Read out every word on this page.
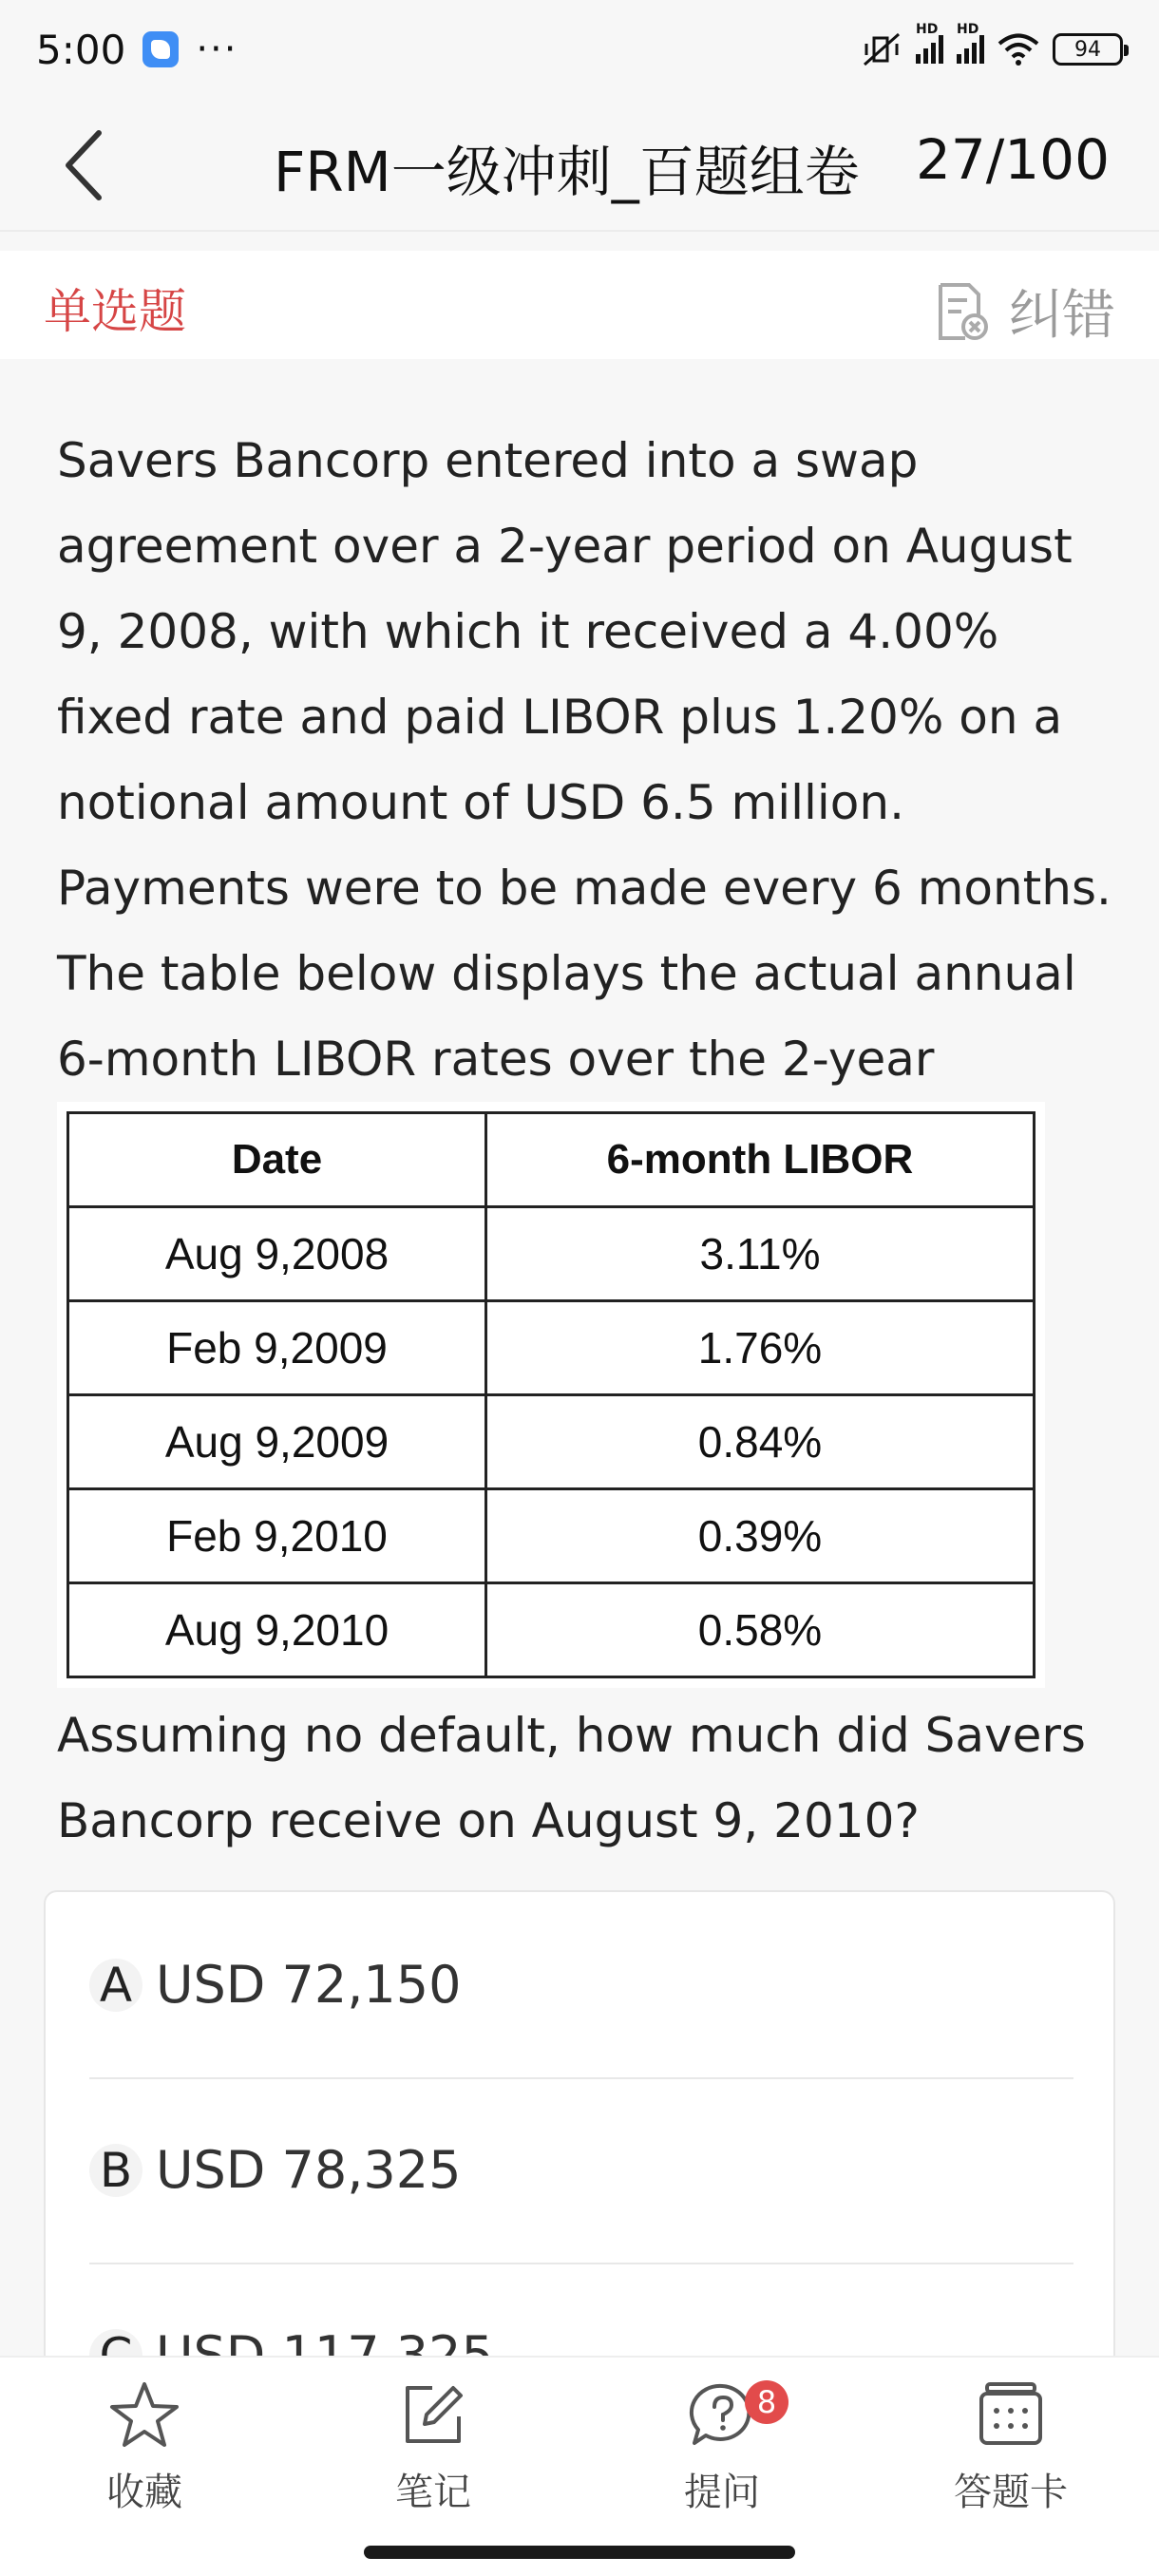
5:00 ···	HD HD
94
FRM一级冲刺_百题组卷 27/100
单选题	纠错
Savers Bancorp entered into a swap agreement over a 2-year period on August 9, 2008, with which it received a 4.00% fixed rate and paid LIBOR plus 1.20% on a notional amount of USD 6.5 million. Payments were to be made every 6 months. The table below displays the actual annual 6-month LIBOR rates over the 2-year
Date	6-month LIBOR
Aug 9,2008	3.11%
Feb 9,2009	1.76%
Aug 9,2009	0.84%
Feb 9,2010	0.39%
Aug 9,2010	0.58%
Assuming no default, how much did Savers Bancorp receive on August 9, 2010?
A USD 72,150
B USD 78,325
收藏	笔记
8
提问	答题卡
